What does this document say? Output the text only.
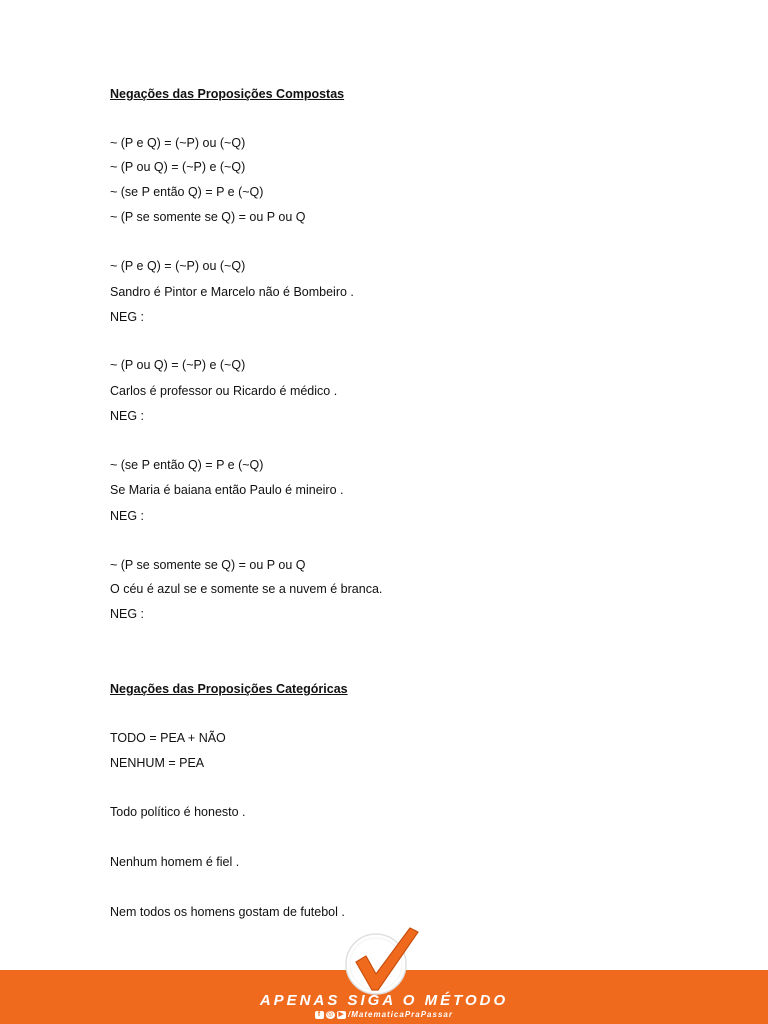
Negações das Proposições Compostas
~ (P e Q) = (~P) ou (~Q)
~ (P ou Q) = (~P) e (~Q)
~ (se P então Q) = P e (~Q)
~ (P se somente se Q) = ou P ou Q
~ (P e Q) = (~P) ou (~Q)
Sandro é Pintor e Marcelo não é Bombeiro .
NEG :
~ (P ou Q) = (~P) e (~Q)
Carlos é professor ou Ricardo é médico .
NEG :
~ (se P então Q) = P e (~Q)
Se Maria é baiana então Paulo é mineiro .
NEG :
~ (P se somente se Q) = ou P ou Q
O céu é azul se e somente se a nuvem é branca.
NEG :
Negações das Proposições Categóricas
TODO = PEA + NÃO
NENHUM = PEA
Todo político é honesto .
Nenhum homem é fiel .
Nem todos os homens gostam de futebol .
APENAS SIGA O MÉTODO
f ◎ ▶ /MatematicaPraPassar
